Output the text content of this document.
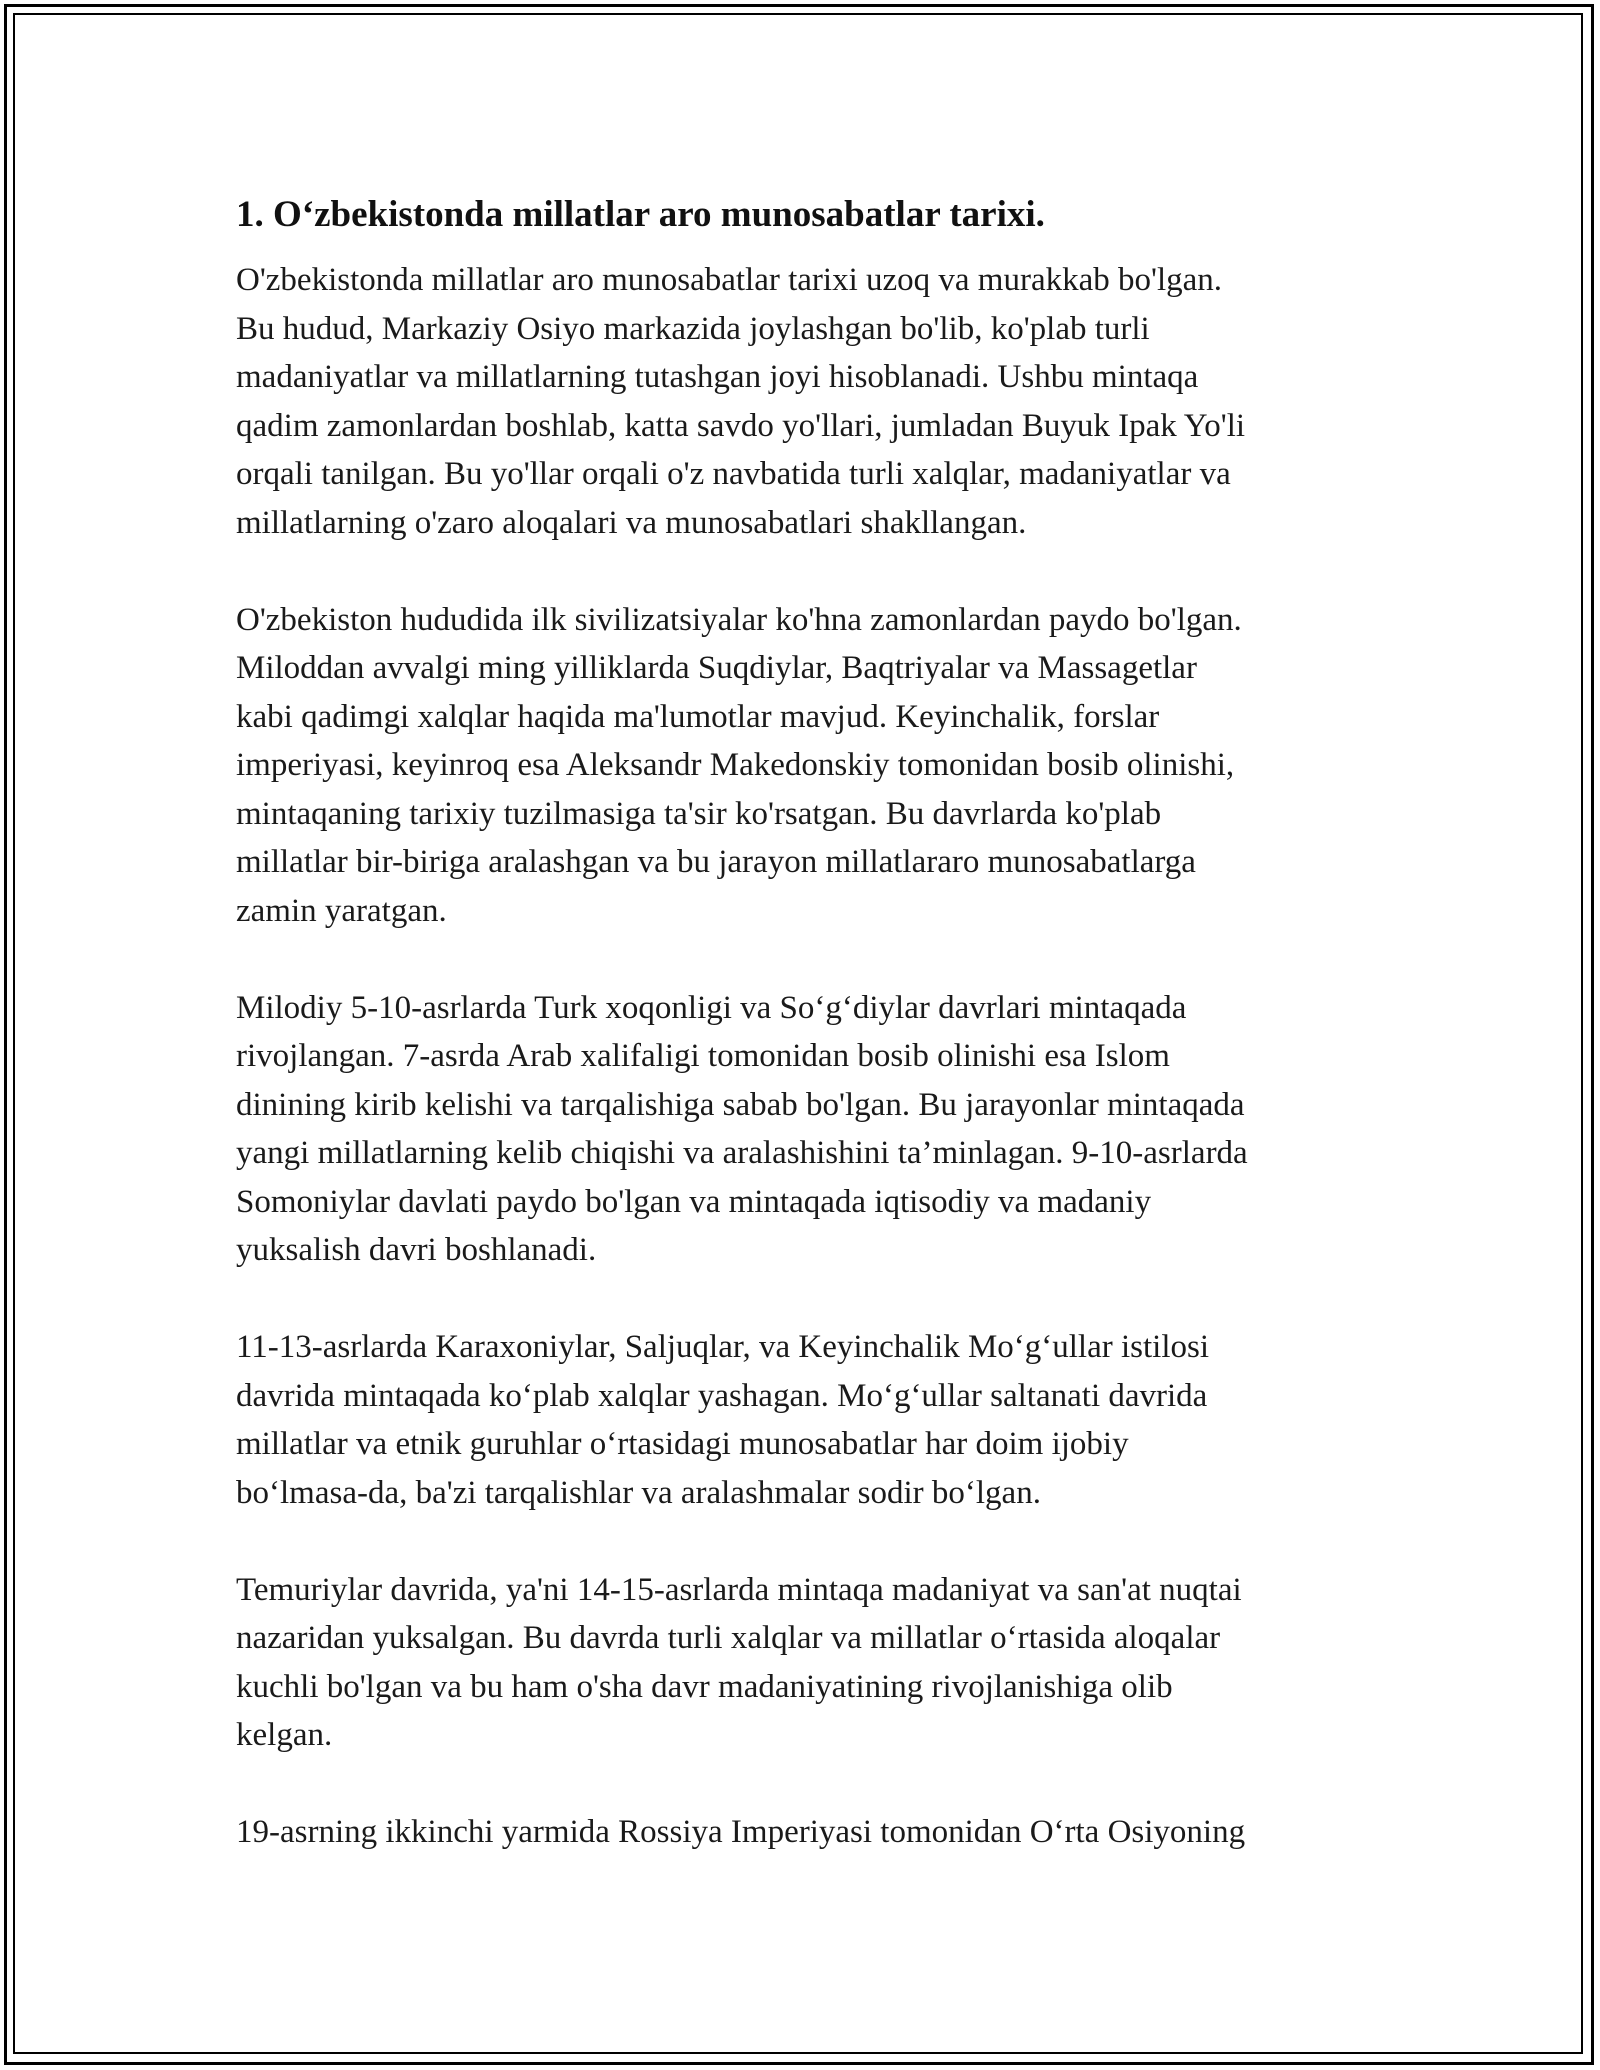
1. O‘zbekistonda millatlar aro munosabatlar tarixi.

O'zbekistonda millatlar aro munosabatlar tarixi uzoq va murakkab bo'lgan.
Bu hudud, Markaziy Osiyo markazida joylashgan bo'lib, ko'plab turli
madaniyatlar va millatlarning tutashgan joyi hisoblanadi. Ushbu mintaqa
qadim zamonlardan boshlab, katta savdo yo'llari, jumladan Buyuk Ipak Yo'li
orqali tanilgan. Bu yo'llar orqali o'z navbatida turli xalqlar, madaniyatlar va
millatlarning o'zaro aloqalari va munosabatlari shakllangan.

O'zbekiston hududida ilk sivilizatsiyalar ko'hna zamonlardan paydo bo'lgan.
Miloddan avvalgi ming yilliklarda Suqdiylar, Baqtriyalar va Massagetlar
kabi qadimgi xalqlar haqida ma'lumotlar mavjud. Keyinchalik, forslar
imperiyasi, keyinroq esa Aleksandr Makedonskiy tomonidan bosib olinishi,
mintaqaning tarixiy tuzilmasiga ta'sir ko'rsatgan. Bu davrlarda ko'plab
millatlar bir-biriga aralashgan va bu jarayon millatlararo munosabatlarga
zamin yaratgan.

Milodiy 5-10-asrlarda Turk xoqonligi va So‘g‘diylar davrlari mintaqada
rivojlangan. 7-asrda Arab xalifaligi tomonidan bosib olinishi esa Islom
dinining kirib kelishi va tarqalishiga sabab bo'lgan. Bu jarayonlar mintaqada
yangi millatlarning kelib chiqishi va aralashishini ta’minlagan. 9-10-asrlarda
Somoniylar davlati paydo bo'lgan va mintaqada iqtisodiy va madaniy
yuksalish davri boshlanadi.

11-13-asrlarda Karaxoniylar, Saljuqlar, va Keyinchalik Mo‘g‘ullar istilosi
davrida mintaqada ko‘plab xalqlar yashagan. Mo‘g‘ullar saltanati davrida
millatlar va etnik guruhlar o‘rtasidagi munosabatlar har doim ijobiy
bo‘lmasa-da, ba'zi tarqalishlar va aralashmalar sodir bo‘lgan.

Temuriylar davrida, ya'ni 14-15-asrlarda mintaqa madaniyat va san'at nuqtai
nazaridan yuksalgan. Bu davrda turli xalqlar va millatlar o‘rtasida aloqalar
kuchli bo'lgan va bu ham o'sha davr madaniyatining rivojlanishiga olib
kelgan.

19-asrning ikkinchi yarmida Rossiya Imperiyasi tomonidan O‘rta Osiyoning
